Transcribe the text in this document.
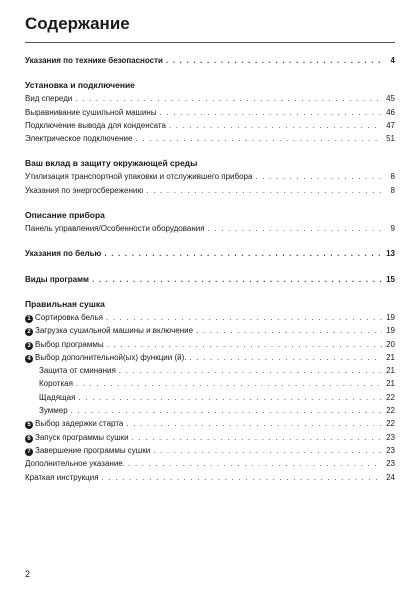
Содержание
Указания по технике безопасности . . .	4
Установка и подключение
Вид спереди . . .	45
Выравнивание сушильной машины . . .	46
Подключение вывода для конденсата . . .	47
Электрическое подключение . . .	51
Ваш вклад в защиту окружающей среды
Утилизация транспортной упаковки и отслужившего прибора . . .	8
Указания по энергосбережению . . .	8
Описание прибора
Панель управления/Особенности оборудования . . .	9
Указания по белью . . .	13
Виды программ . . .	15
Правильная сушка
1 Сортировка белья . . .	19
2 Загрузка сушильной машины и включение . . .	19
3 Выбор программы . . .	20
4 Выбор дополнительной(ых) функции (й). . . .	21
Защита от сминания . . .	21
Короткая . . .	21
Щадящая . . .	22
Зуммер . . .	22
5 Выбор задержки старта . . .	22
6 Запуск программы сушки . . .	23
7 Завершение программы сушки . . .	23
Дополнительное указание. . . .	23
Краткая инструкция . . .	24
2
